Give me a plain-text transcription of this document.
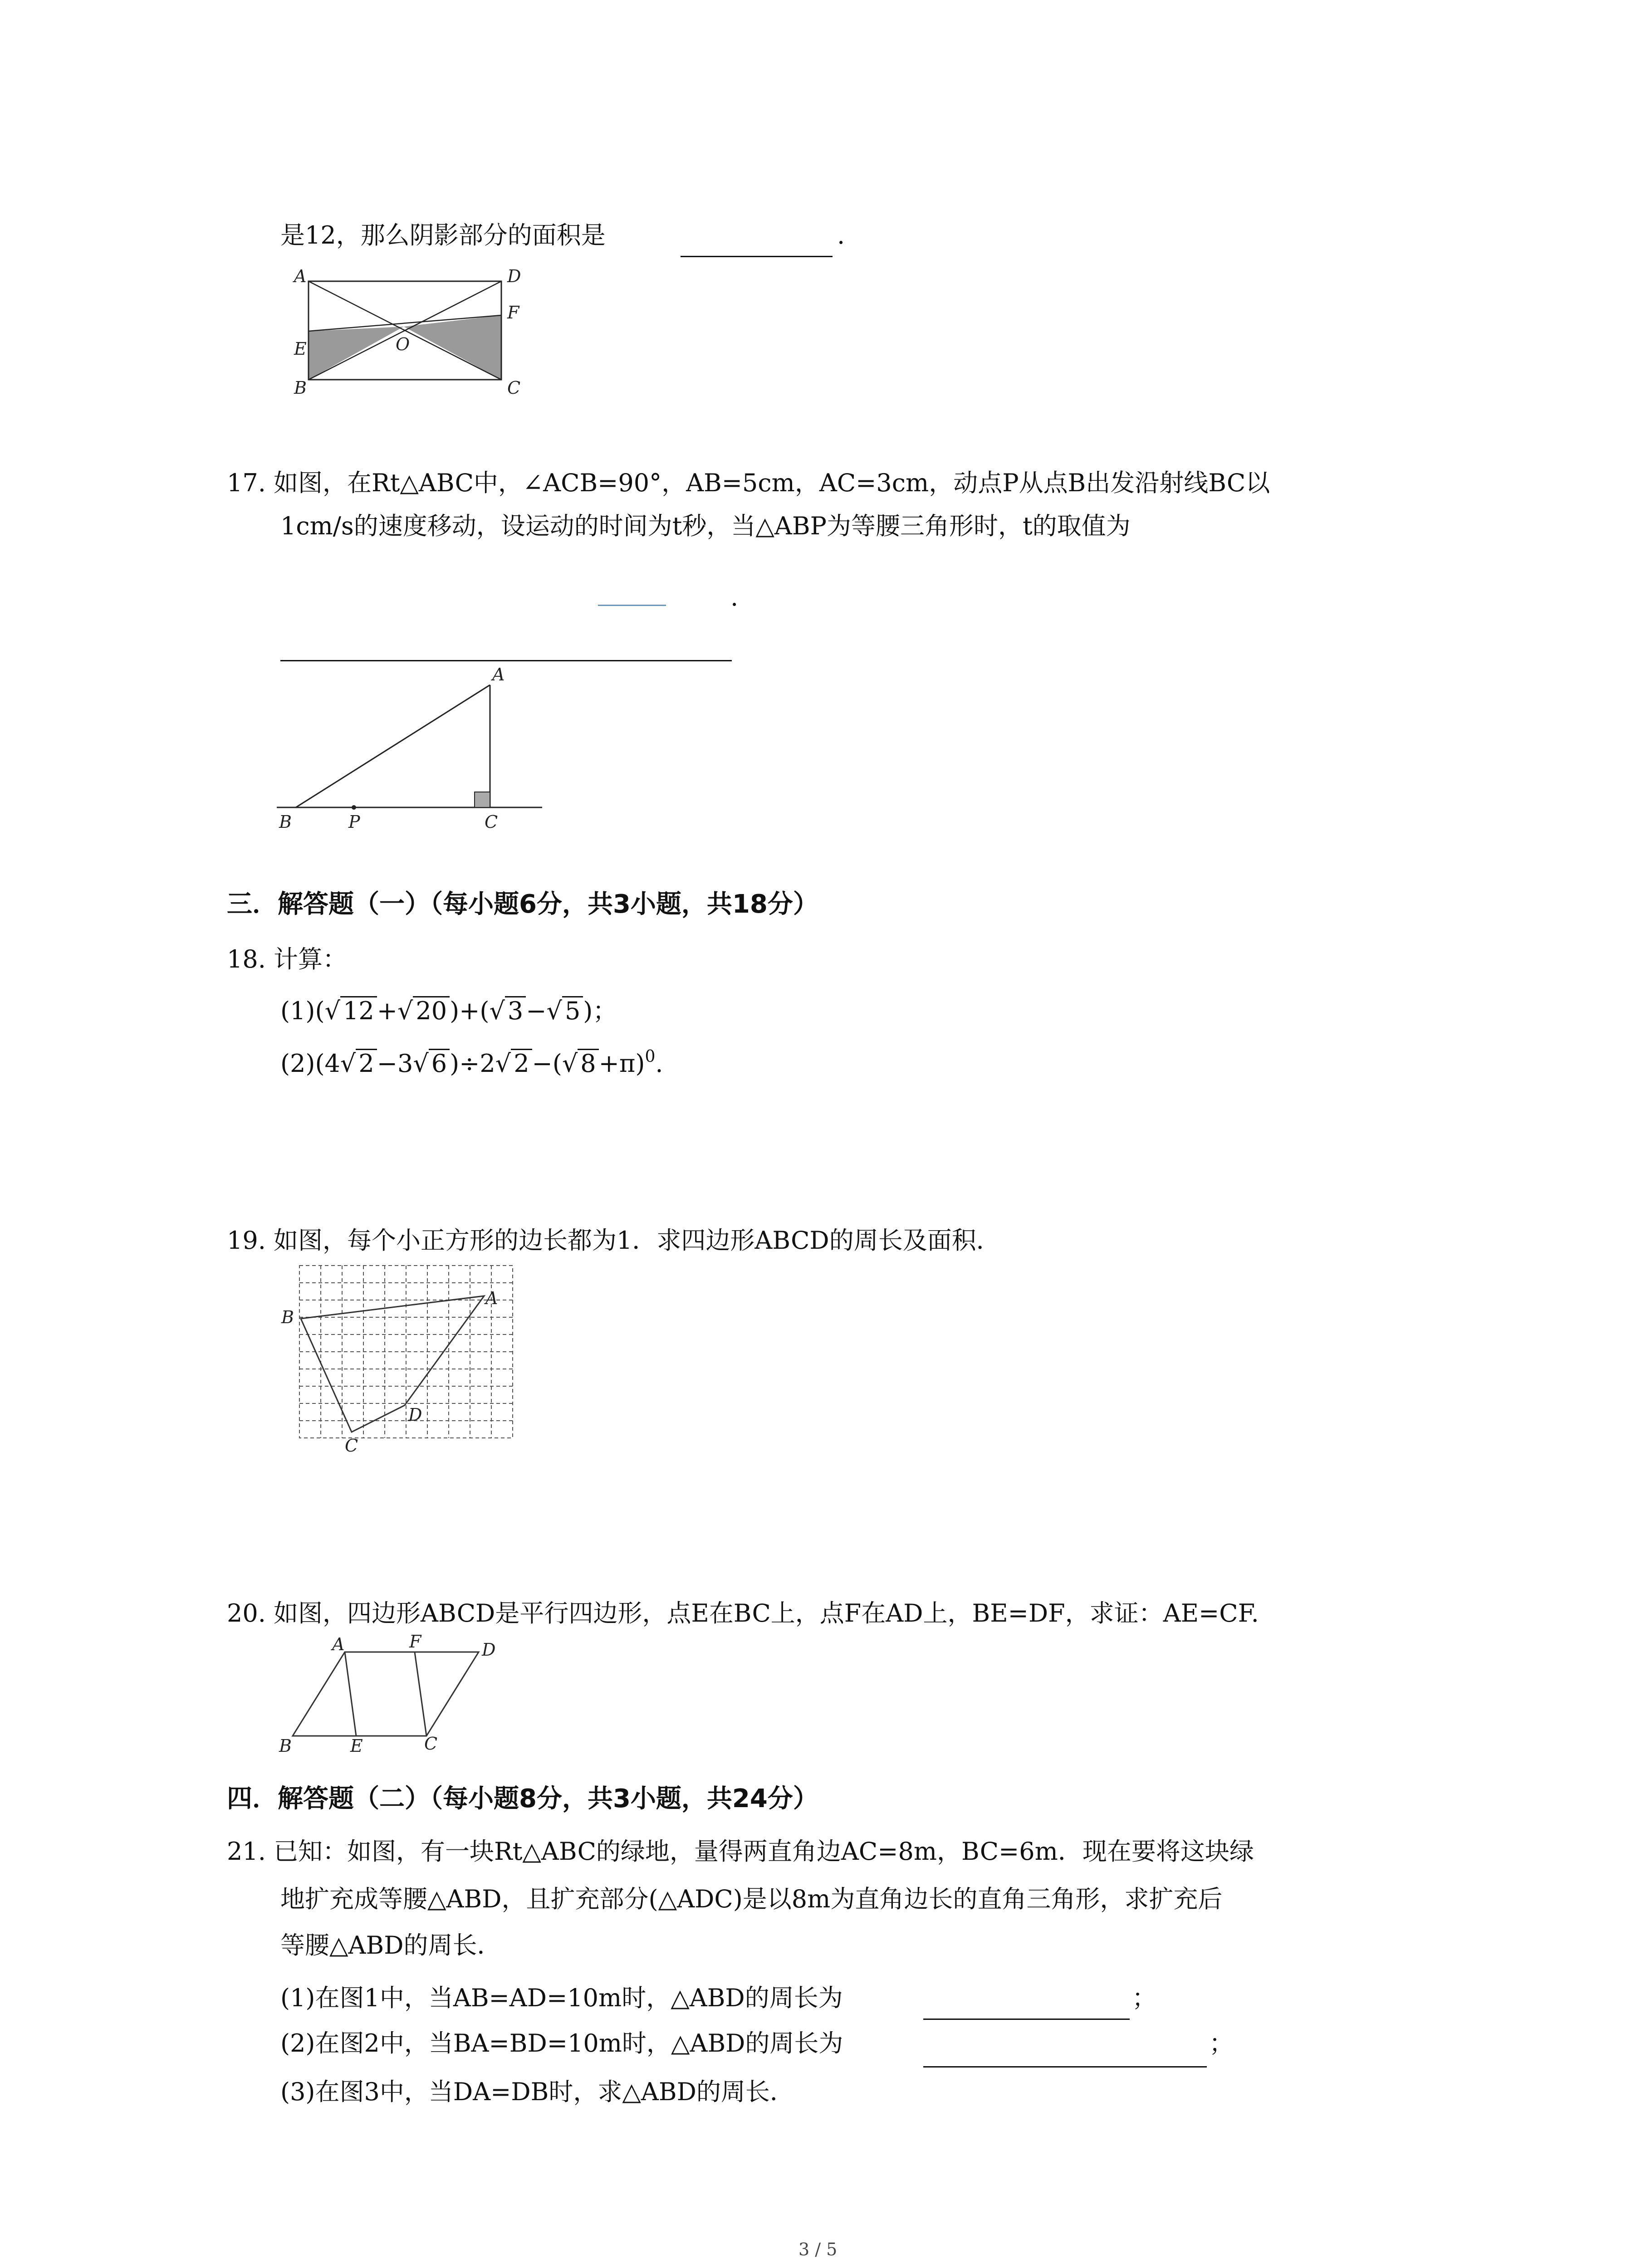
是12，那么阴影部分的面积是	.
A	D
F
E	O
B	C
17. 如图，在Rt△ABC中，∠ACB=90°，AB=5cm，AC=3cm，动点P从点B出发沿射线BC以
1cm/s的速度移动，设运动的时间为t秒，当△ABP为等腰三角形时，t的取值为
.
A
B	P	C
三．解答题（一）（每小题6分，共3小题，共18分）
18. 计算：
(1)(√ 12 +√ 20 )+(√ 3 −√ 5 )；
(2)(4√ 2 −3√ 6 )÷2√ 2 −(√ 8 +π)$^0$.
19. 如图，每个小正方形的边长都为1．求四边形ABCD的周长及面积．
B
A
D
C
20. 如图，四边形ABCD是平行四边形，点E在BC上，点F在AD上，BE=DF，求证：AE=CF.
A	F	D
B	E	C
四．解答题（二）（每小题8分，共3小题，共24分）
21. 已知：如图，有一块Rt△ABC的绿地，量得两直角边AC=8m，BC=6m．现在要将这块绿
地扩充成等腰△ABD，且扩充部分(△ADC)是以8m为直角边长的直角三角形，求扩充后
等腰△ABD的周长．
(1)在图1中，当AB=AD=10m时，△ABD的周长为	；
(2)在图2中，当BA=BD=10m时，△ABD的周长为	；
(3)在图3中，当DA=DB时，求△ABD的周长．
3 / 5
